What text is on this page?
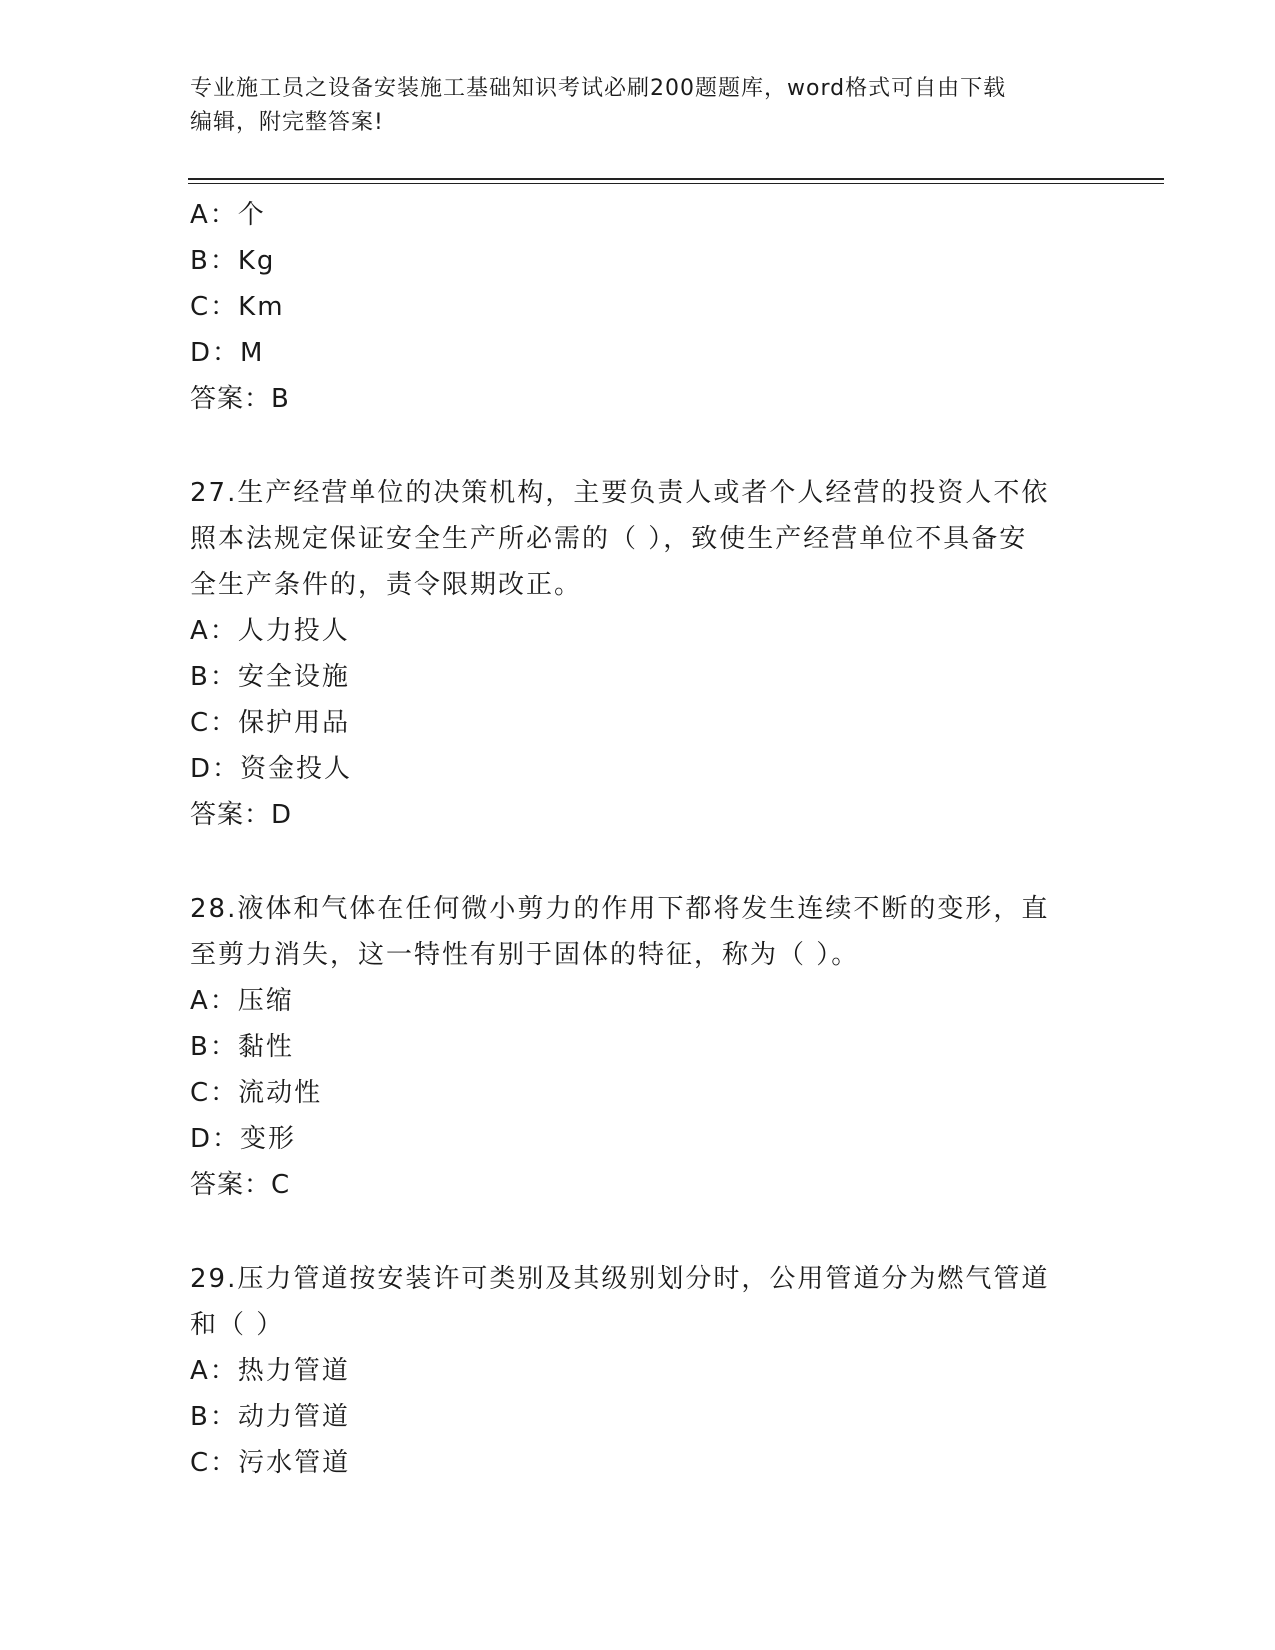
专业施工员之设备安装施工基础知识考试必刷200题题库，word格式可自由下载
编辑，附完整答案!
A：个
B：Kg
C：Km
D：M
答案：B
27.生产经营单位的决策机构，主要负责人或者个人经营的投资人不依
照本法规定保证安全生产所必需的（ ），致使生产经营单位不具备安
全生产条件的，责令限期改正。
A：人力投人
B：安全设施
C：保护用品
D：资金投人
答案：D
28.液体和气体在任何微小剪力的作用下都将发生连续不断的变形，直
至剪力消失，这一特性有别于固体的特征，称为（ ）。
A：压缩
B：黏性
C：流动性
D：变形
答案：C
29.压力管道按安装许可类别及其级别划分时，公用管道分为燃气管道
和（ ）
A：热力管道
B：动力管道
C：污水管道
